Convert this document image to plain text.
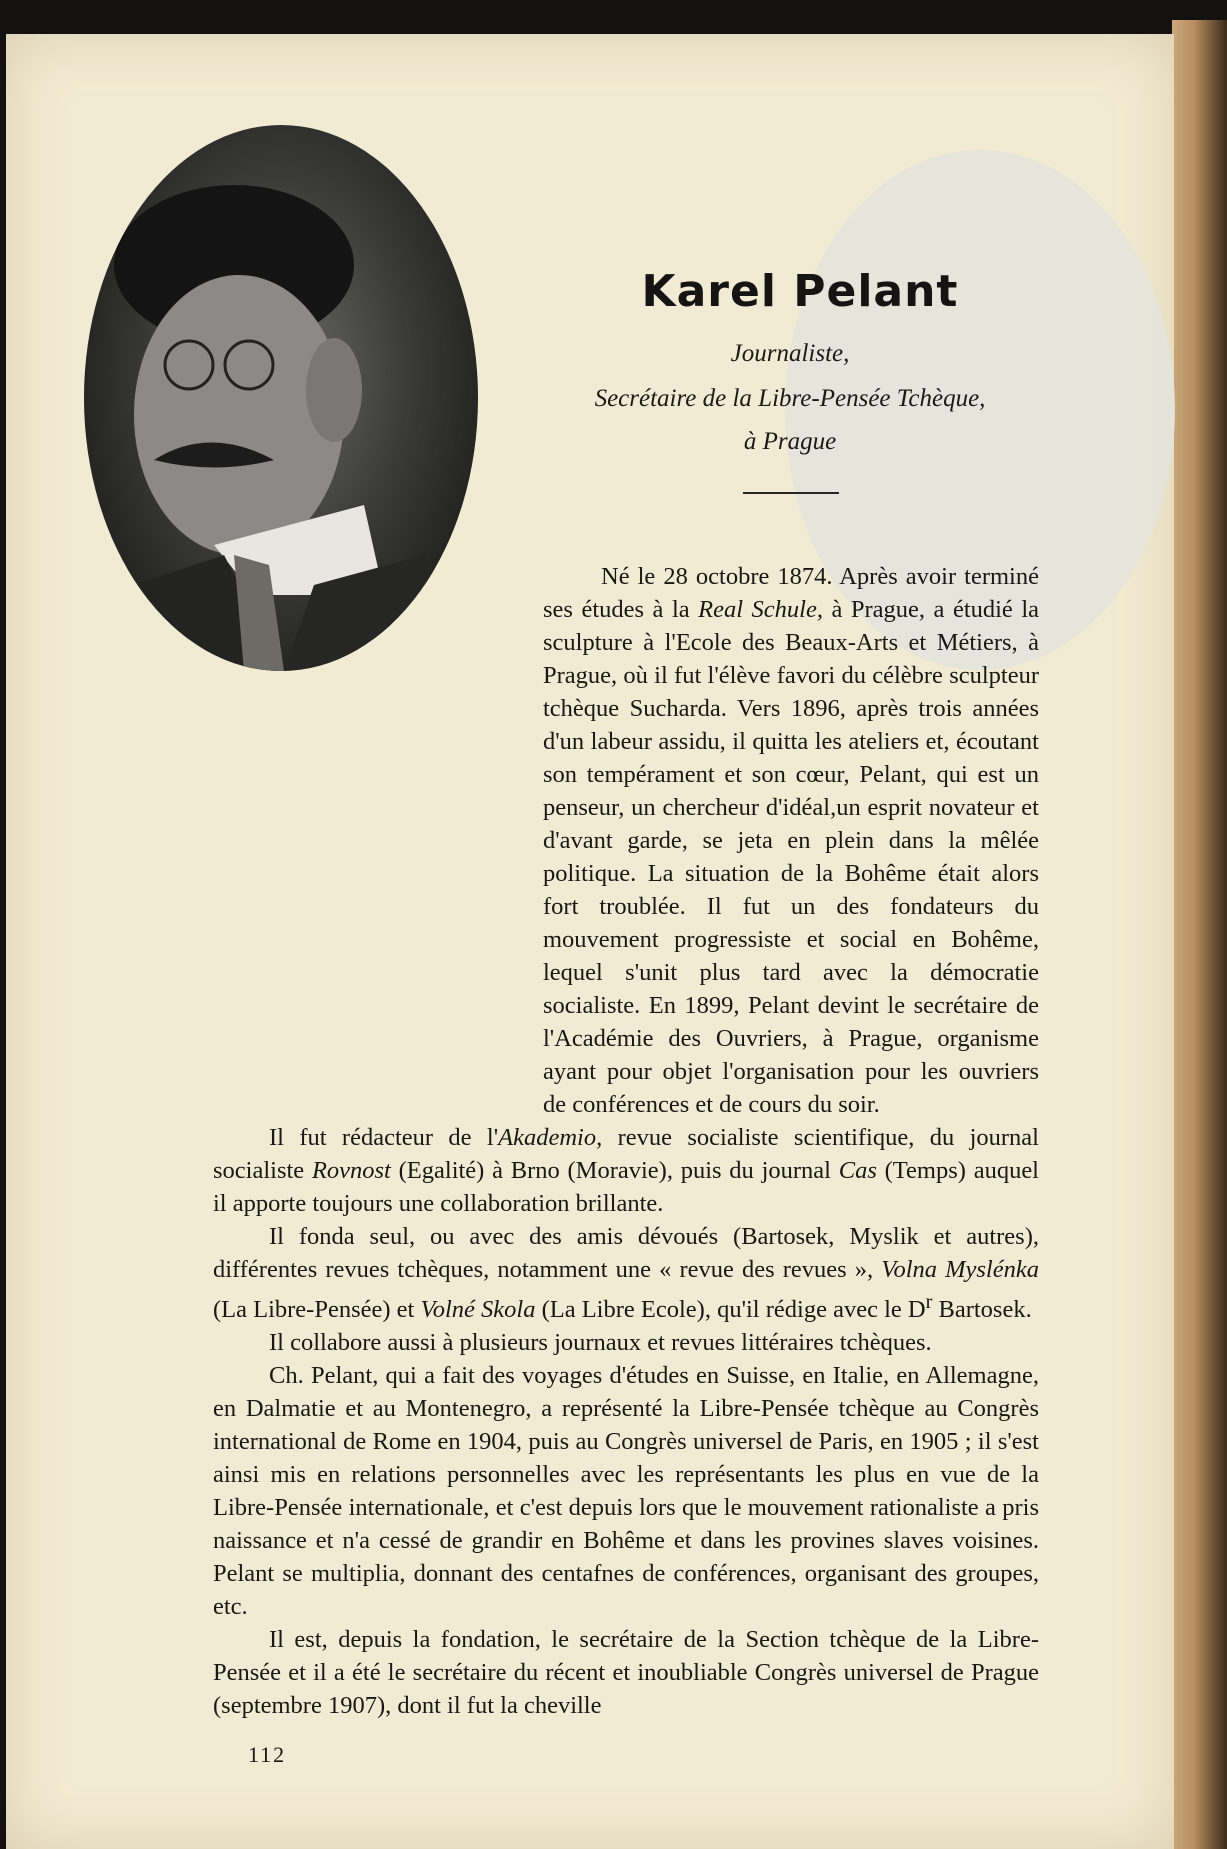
Karel Pelant
Journaliste,
Secrétaire de la Libre-Pensée Tchèque,
à Prague

Né le 28 octobre 1874. Après avoir terminé ses études à la Real Schule, à Prague, a étudié la sculpture à l'Ecole des Beaux-Arts et Métiers, à Prague, où il fut l'élève favori du célèbre sculpteur tchèque Sucharda. Vers 1896, après trois années d'un labeur assidu, il quitta les ateliers et, écoutant son tempérament et son cœur, Pelant, qui est un penseur, un chercheur d'idéal,un esprit novateur et d'avant garde, se jeta en plein dans la mêlée politique. La situation de la Bohême était alors fort troublée. Il fut un des fondateurs du mouvement progressiste et social en Bohême, lequel s'unit plus tard avec la démocratie socialiste. En 1899, Pelant devint le secrétaire de l'Académie des Ouvriers, à Prague, organisme ayant pour objet l'organisation pour les ouvriers de conférences et de cours du soir.

Il fut rédacteur de l'Akademio, revue socialiste scientifique, du journal socialiste Rovnost (Egalité) à Brno (Moravie), puis du journal Cas (Temps) auquel il apporte toujours une collaboration brillante.

Il fonda seul, ou avec des amis dévoués (Bartosek, Myslik et autres), différentes revues tchèques, notamment une « revue des revues », Volna Myslénka (La Libre-Pensée) et Volné Skola (La Libre Ecole), qu'il rédige avec le $D^r$ Bartosek.

Il collabore aussi à plusieurs journaux et revues littéraires tchèques.

Ch. Pelant, qui a fait des voyages d'études en Suisse, en Italie, en Allemagne, en Dalmatie et au Montenegro, a représenté la Libre-Pensée tchèque au Congrès international de Rome en 1904, puis au Congrès universel de Paris, en 1905 ; il s'est ainsi mis en relations personnelles avec les représentants les plus en vue de la Libre-Pensée internationale, et c'est depuis lors que le mouvement rationaliste a pris naissance et n'a cessé de grandir en Bohême et dans les provines slaves voisines. Pelant se multiplia, donnant des centafnes de conférences, organisant des groupes, etc.

Il est, depuis la fondation, le secrétaire de la Section tchèque de la Libre-Pensée et il a été le secrétaire du récent et inoubliable Congrès universel de Prague (septembre 1907), dont il fut la cheville

112
